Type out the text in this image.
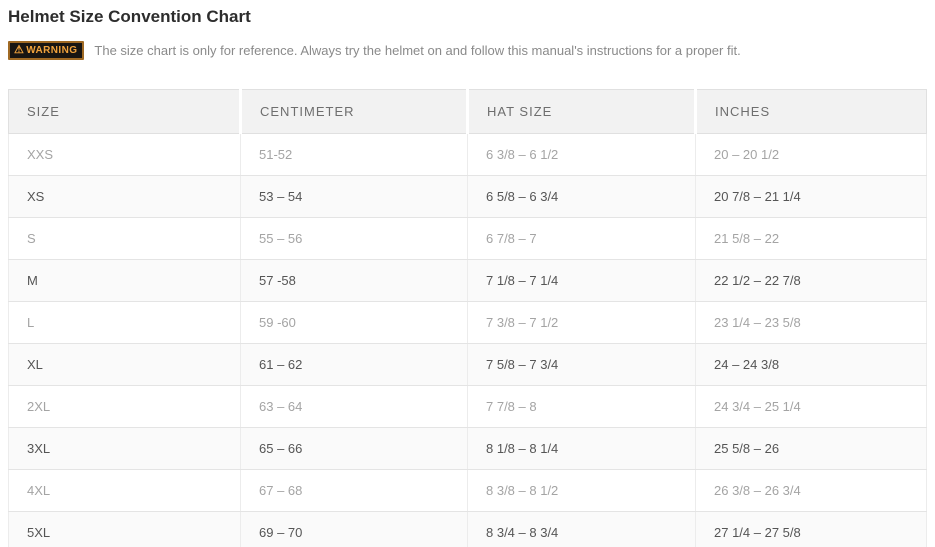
Helmet Size Convention Chart
⚠ WARNING The size chart is only for reference. Always try the helmet on and follow this manual's instructions for a proper fit.
SIZE	CENTIMETER	HAT SIZE	INCHES
XXS	51-52	6 3/8 – 6 1/2	20 – 20 1/2
XS	53 – 54	6 5/8 – 6 3/4	20 7/8 – 21 1/4
S	55 – 56	6 7/8 – 7	21 5/8 – 22
M	57 -58	7 1/8 – 7 1/4	22 1/2 – 22 7/8
L	59 -60	7 3/8 – 7 1/2	23 1/4 – 23 5/8
XL	61 – 62	7 5/8 – 7 3/4	24 – 24 3/8
2XL	63 – 64	7 7/8 – 8	24 3/4 – 25 1/4
3XL	65 – 66	8 1/8 – 8 1/4	25 5/8 – 26
4XL	67 – 68	8 3/8 – 8 1/2	26 3/8 – 26 3/4
5XL	69 – 70	8 3/4 – 8 3/4	27 1/4 – 27 5/8
